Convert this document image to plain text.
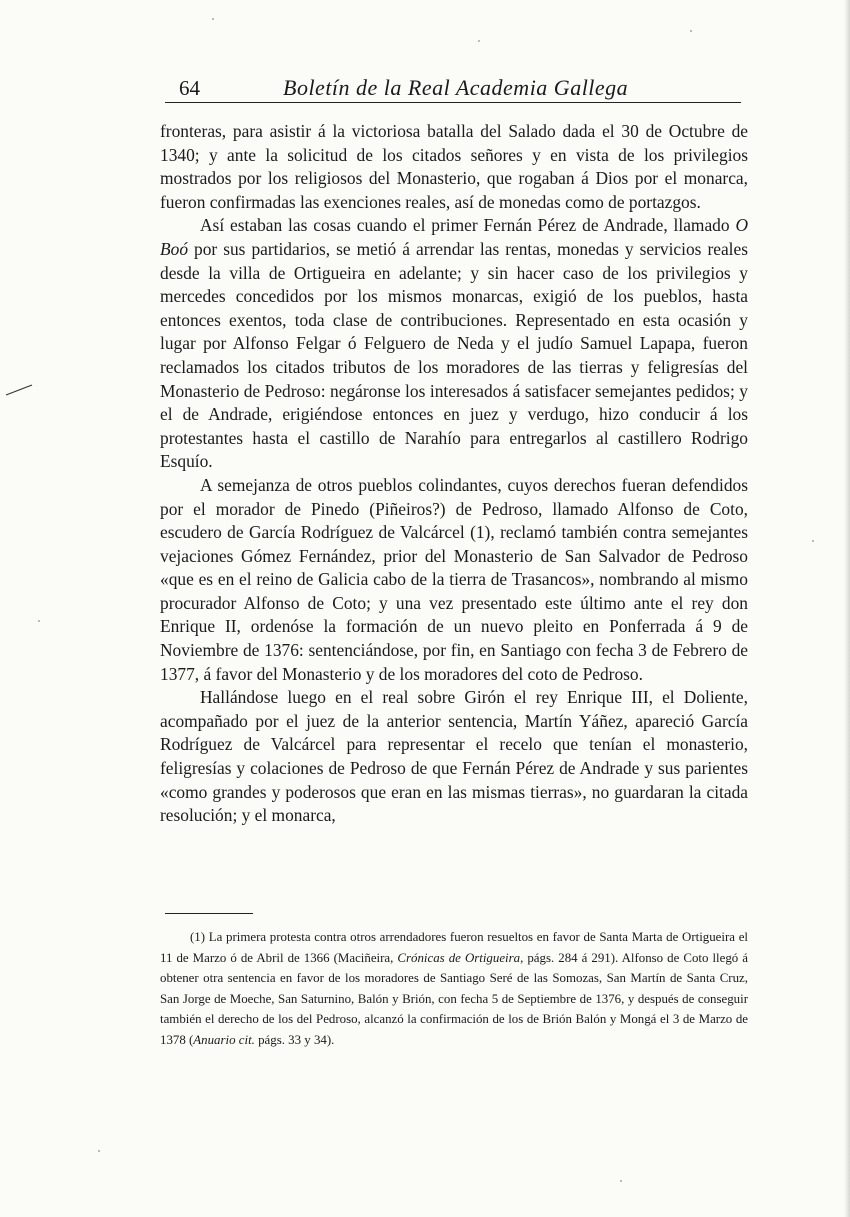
64	Boletín de la Real Academia Gallega

fronteras, para asistir á la victoriosa batalla del Salado dada el 30 de Octubre de 1340; y ante la solicitud de los citados señores y en vista de los privilegios mostrados por los religiosos del Monasterio, que rogaban á Dios por el monarca, fueron confirmadas las exenciones reales, así de monedas como de portazgos.

Así estaban las cosas cuando el primer Fernán Pérez de Andrade, llamado O Boó por sus partidarios, se metió á arrendar las rentas, monedas y servicios reales desde la villa de Ortigueira en adelante; y sin hacer caso de los privilegios y mercedes concedidos por los mismos monarcas, exigió de los pueblos, hasta entonces exentos, toda clase de contribuciones. Representado en esta ocasión y lugar por Alfonso Felgar ó Felguero de Neda y el judío Samuel Lapapa, fueron reclamados los citados tributos de los moradores de las tierras y feligresías del Monasterio de Pedroso: negáronse los interesados á satisfacer semejantes pedidos; y el de Andrade, erigiéndose entonces en juez y verdugo, hizo conducir á los protestantes hasta el castillo de Narahío para entregarlos al castillero Rodrigo Esquío.

A semejanza de otros pueblos colindantes, cuyos derechos fueran defendidos por el morador de Pinedo (Piñeiros?) de Pedroso, llamado Alfonso de Coto, escudero de García Rodríguez de Valcárcel (1), reclamó también contra semejantes vejaciones Gómez Fernández, prior del Monasterio de San Salvador de Pedroso «que es en el reino de Galicia cabo de la tierra de Trasancos», nombrando al mismo procurador Alfonso de Coto; y una vez presentado este último ante el rey don Enrique II, ordenóse la formación de un nuevo pleito en Ponferrada á 9 de Noviembre de 1376: sentenciándose, por fin, en Santiago con fecha 3 de Febrero de 1377, á favor del Monasterio y de los moradores del coto de Pedroso.

Hallándose luego en el real sobre Girón el rey Enrique III, el Doliente, acompañado por el juez de la anterior sentencia, Martín Yáñez, apareció García Rodríguez de Valcárcel para representar el recelo que tenían el monasterio, feligresías y colaciones de Pedroso de que Fernán Pérez de Andrade y sus parientes «como grandes y poderosos que eran en las mismas tierras», no guardaran la citada resolución; y el monarca,

(1) La primera protesta contra otros arrendadores fueron resueltos en favor de Santa Marta de Ortigueira el 11 de Marzo ó de Abril de 1366 (Maciñeira, Crónicas de Ortigueira, págs. 284 á 291). Alfonso de Coto llegó á obtener otra sentencia en favor de los moradores de Santiago Seré de las Somozas, San Martín de Santa Cruz, San Jorge de Moeche, San Saturnino, Balón y Brión, con fecha 5 de Septiembre de 1376, y después de conseguir también el derecho de los del Pedroso, alcanzó la confirmación de los de Brión Balón y Mongá el 3 de Marzo de 1378 (Anuario cit. págs. 33 y 34).
